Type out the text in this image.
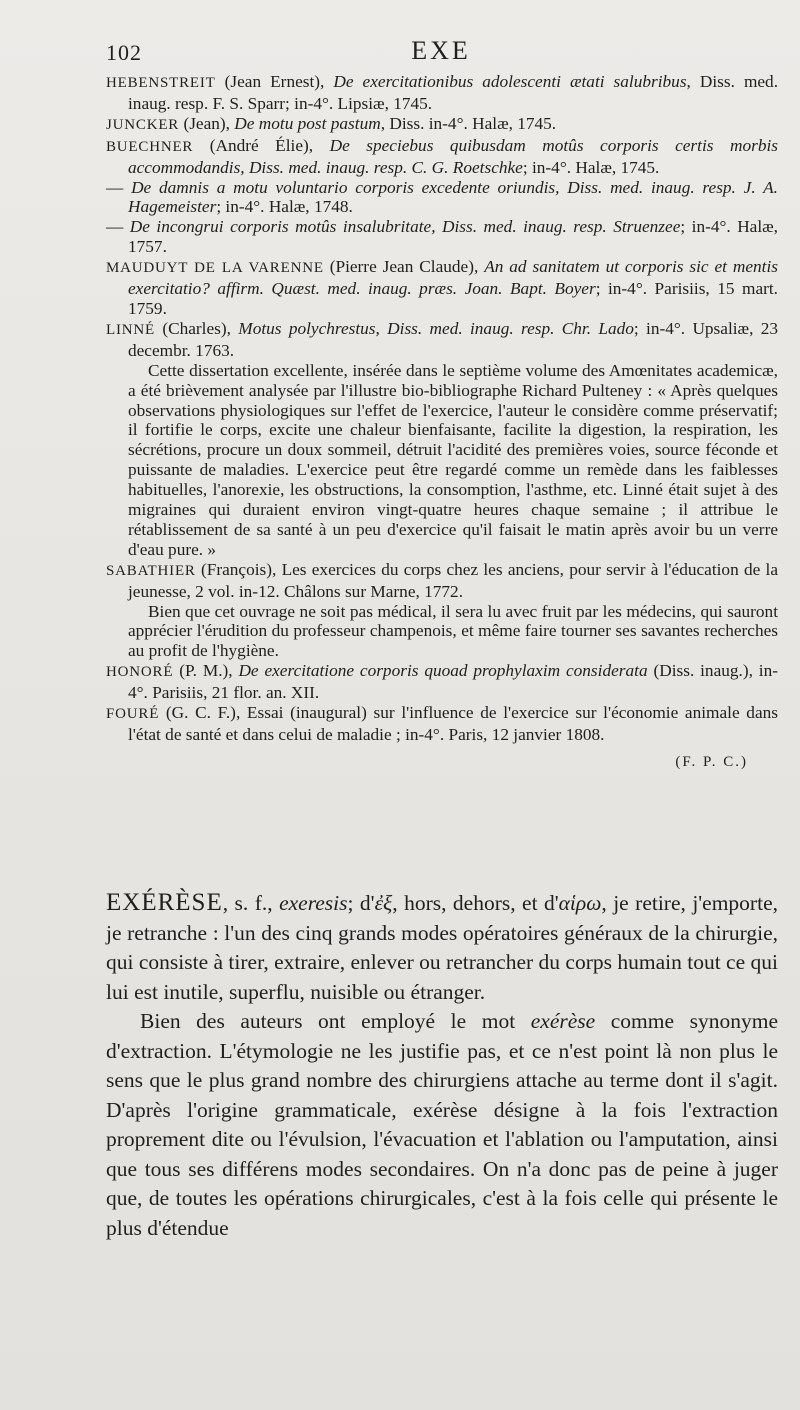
102	EXE

HEBENSTREIT (Jean Ernest), De exercitationibus adolescenti ætati salubribus, Diss. med. inaug. resp. F. S. Sparr; in-4°. Lipsiæ, 1745.

JUNCKER (Jean), De motu post pastum, Diss. in-4°. Halæ, 1745.

BUECHNER (André Élie), De speciebus quibusdam motûs corporis certis morbis accommodandis, Diss. med. inaug. resp. C. G. Roetschke; in-4°. Halæ, 1745.

— De damnis a motu voluntario corporis excedente oriundis, Diss. med. inaug. resp. J. A. Hagemeister; in-4°. Halæ, 1748.

— De incongrui corporis motûs insalubritate, Diss. med. inaug. resp. Struenzee; in-4°. Halæ, 1757.

MAUDUYT DE LA VARENNE (Pierre Jean Claude), An ad sanitatem ut corporis sic et mentis exercitatio? affirm. Quæst. med. inaug. præs. Joan. Bapt. Boyer; in-4°. Parisiis, 15 mart. 1759.

LINNÉ (Charles), Motus polychrestus, Diss. med. inaug. resp. Chr. Lado; in-4°. Upsaliæ, 23 decembr. 1763.

Cette dissertation excellente, insérée dans le septième volume des Amœnitates academicæ, a été brièvement analysée par l'illustre bio-bibliographe Richard Pulteney : « Après quelques observations physiologiques sur l'effet de l'exercice, l'auteur le considère comme préservatif; il fortifie le corps, excite une chaleur bienfaisante, facilite la digestion, la respiration, les sécrétions, procure un doux sommeil, détruit l'acidité des premières voies, source féconde et puissante de maladies. L'exercice peut être regardé comme un remède dans les faiblesses habituelles, l'anorexie, les obstructions, la consomption, l'asthme, etc. Linné était sujet à des migraines qui duraient environ vingt-quatre heures chaque semaine ; il attribue le rétablissement de sa santé à un peu d'exercice qu'il faisait le matin après avoir bu un verre d'eau pure. »

SABATHIER (François), Les exercices du corps chez les anciens, pour servir à l'éducation de la jeunesse, 2 vol. in-12. Châlons sur Marne, 1772.

Bien que cet ouvrage ne soit pas médical, il sera lu avec fruit par les médecins, qui sauront apprécier l'érudition du professeur champenois, et même faire tourner ses savantes recherches au profit de l'hygiène.

HONORÉ (P. M.), De exercitatione corporis quoad prophylaxim considerata (Diss. inaug.), in-4°. Parisiis, 21 flor. an. XII.

FOURÉ (G. C. F.), Essai (inaugural) sur l'influence de l'exercice sur l'économie animale dans l'état de santé et dans celui de maladie ; in-4°. Paris, 12 janvier 1808.

(F. P. C.)

EXÉRÈSE, s. f., exeresis; d'ἐξ, hors, dehors, et d'αἱρω, je retire, j'emporte, je retranche : l'un des cinq grands modes opératoires généraux de la chirurgie, qui consiste à tirer, extraire, enlever ou retrancher du corps humain tout ce qui lui est inutile, superflu, nuisible ou étranger.

Bien des auteurs ont employé le mot exérèse comme synonyme d'extraction. L'étymologie ne les justifie pas, et ce n'est point là non plus le sens que le plus grand nombre des chirurgiens attache au terme dont il s'agit. D'après l'origine grammaticale, exérèse désigne à la fois l'extraction proprement dite ou l'évulsion, l'évacuation et l'ablation ou l'amputation, ainsi que tous ses différens modes secondaires. On n'a donc pas de peine à juger que, de toutes les opérations chirurgicales, c'est à la fois celle qui présente le plus d'étendue
